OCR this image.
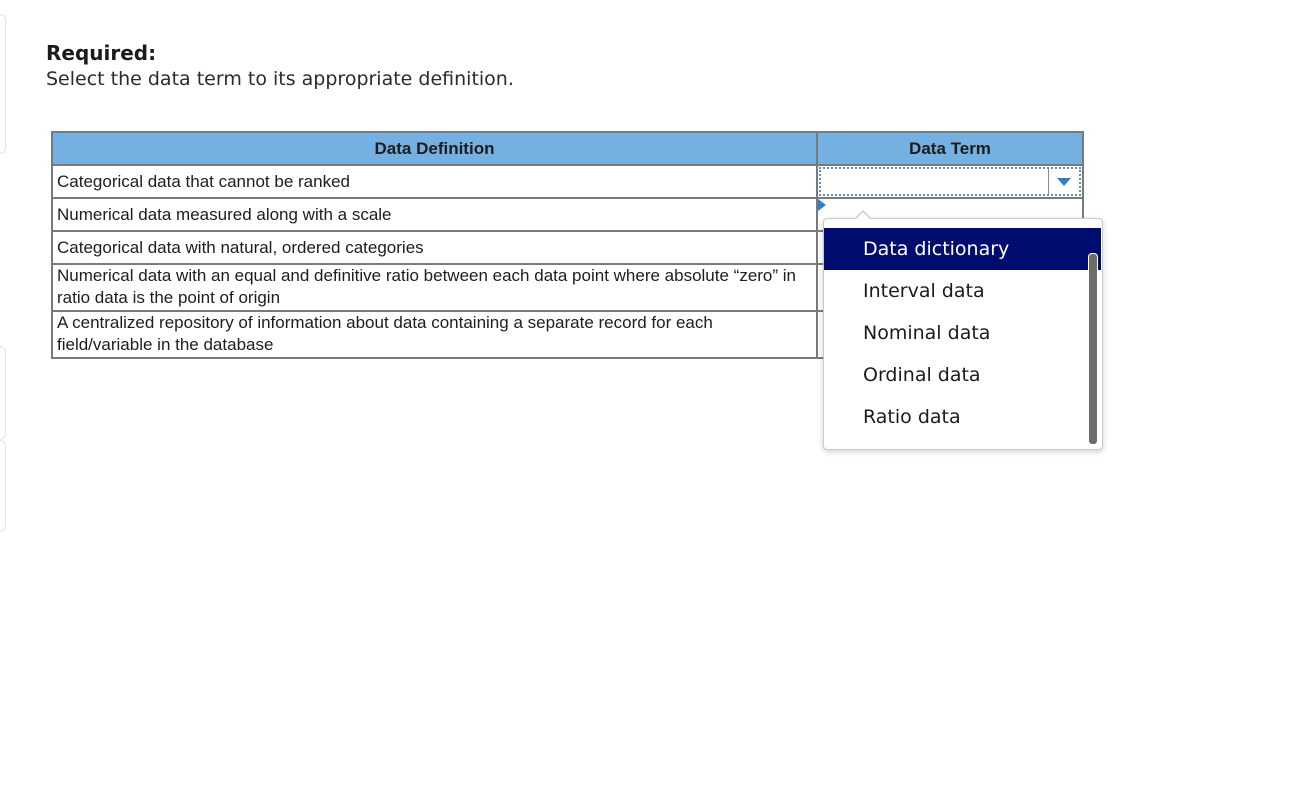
Required:
Select the data term to its appropriate definition.
Data Definition	Data Term
Categorical data that cannot be ranked	

Numerical data measured along with a scale	

Categorical data with natural, ordered categories	
Numerical data with an equal and definitive ratio between each data point where absolute “zero” in ratio data is the point of origin	
A centralized repository of information about data containing a separate record for each field/variable in the database	
Data dictionary
Interval data
Nominal data
Ordinal data
Ratio data
